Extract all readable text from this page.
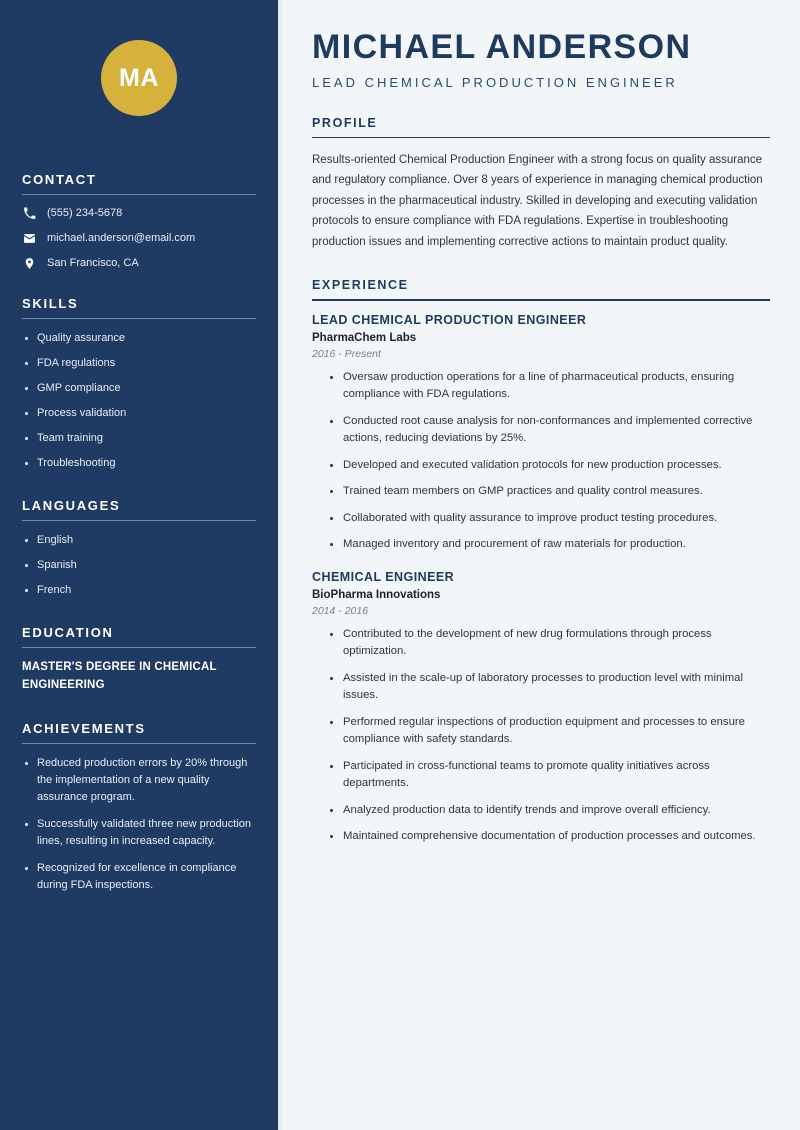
MA
CONTACT
(555) 234-5678
michael.anderson@email.com
San Francisco, CA
SKILLS
Quality assurance
FDA regulations
GMP compliance
Process validation
Team training
Troubleshooting
LANGUAGES
English
Spanish
French
EDUCATION
MASTER'S DEGREE IN CHEMICAL ENGINEERING
ACHIEVEMENTS
Reduced production errors by 20% through the implementation of a new quality assurance program.
Successfully validated three new production lines, resulting in increased capacity.
Recognized for excellence in compliance during FDA inspections.
MICHAEL ANDERSON
LEAD CHEMICAL PRODUCTION ENGINEER
PROFILE

Results-oriented Chemical Production Engineer with a strong focus on quality assurance and regulatory compliance. Over 8 years of experience in managing chemical production processes in the pharmaceutical industry. Skilled in developing and executing validation protocols to ensure compliance with FDA regulations. Expertise in troubleshooting production issues and implementing corrective actions to maintain product quality.

EXPERIENCE
LEAD CHEMICAL PRODUCTION ENGINEER
PharmaChem Labs
2016 - Present
Oversaw production operations for a line of pharmaceutical products, ensuring compliance with FDA regulations.
Conducted root cause analysis for non-conformances and implemented corrective actions, reducing deviations by 25%.
Developed and executed validation protocols for new production processes.
Trained team members on GMP practices and quality control measures.
Collaborated with quality assurance to improve product testing procedures.
Managed inventory and procurement of raw materials for production.
CHEMICAL ENGINEER
BioPharma Innovations
2014 - 2016
Contributed to the development of new drug formulations through process optimization.
Assisted in the scale-up of laboratory processes to production level with minimal issues.
Performed regular inspections of production equipment and processes to ensure compliance with safety standards.
Participated in cross-functional teams to promote quality initiatives across departments.
Analyzed production data to identify trends and improve overall efficiency.
Maintained comprehensive documentation of production processes and outcomes.
